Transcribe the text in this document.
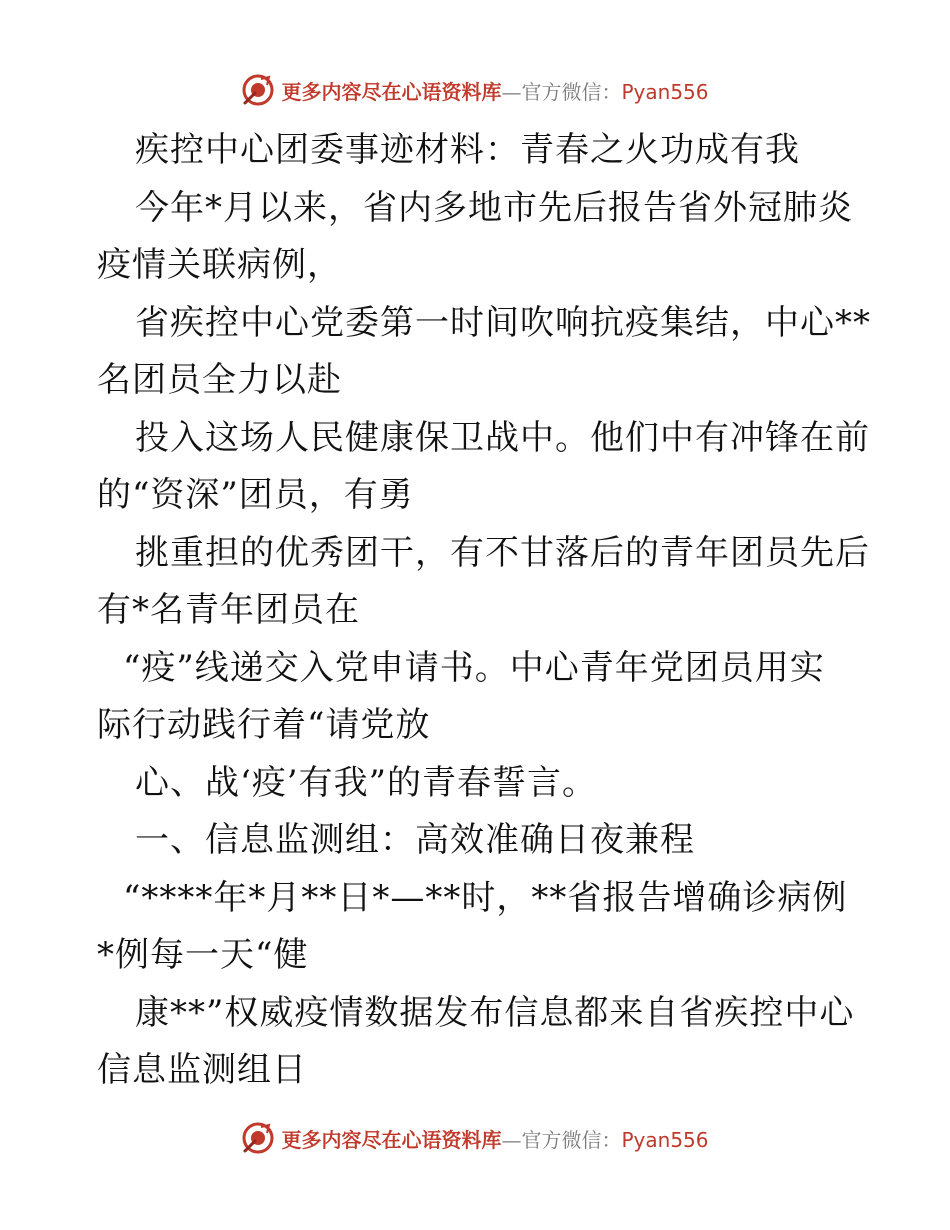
更多内容尽在心语资料库—官方微信：Pyan556
疾控中心团委事迹材料：青春之火功成有我
今年*月以来，省内多地市先后报告省外冠肺炎
疫情关联病例，
省疾控中心党委第一时间吹响抗疫集结，中心**
名团员全力以赴
投入这场人民健康保卫战中。他们中有冲锋在前
的“资深”团员，有勇
挑重担的优秀团干，有不甘落后的青年团员先后
有*名青年团员在
“疫”线递交入党申请书。中心青年党团员用实
际行动践行着“请党放
心、战‘疫’有我”的青春誓言。
一、信息监测组：高效准确日夜兼程
“****年*月**日*—**时，**省报告增确诊病例
*例每一天“健
康**”权威疫情数据发布信息都来自省疾控中心
信息监测组日
更多内容尽在心语资料库—官方微信：Pyan556
